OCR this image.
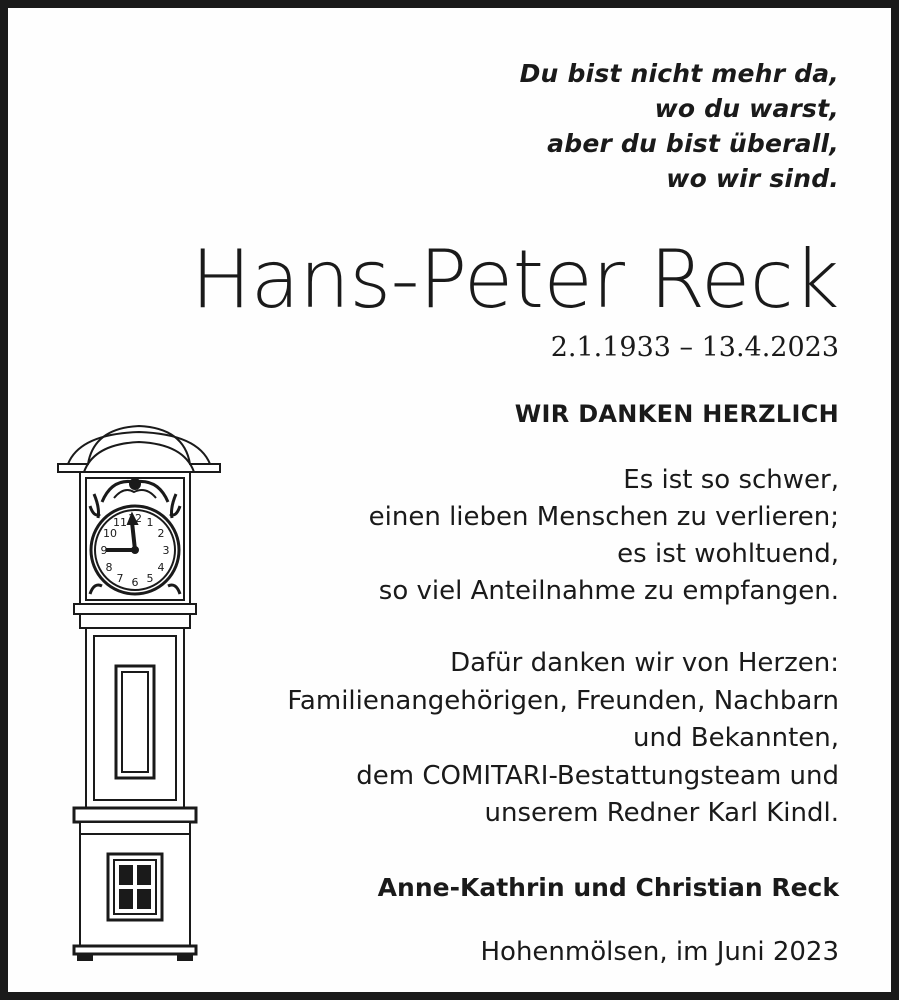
Du bist nicht mehr da,
wo du warst,
aber du bist überall,
wo wir sind.
Hans-Peter Reck
2.1.1933 – 13.4.2023
WIR DANKEN HERZLICH
Es ist so schwer,
einen lieben Menschen zu verlieren;
es ist wohltuend,
so viel Anteilnahme zu empfangen.
Dafür danken wir von Herzen:
Familienangehörigen, Freunden, Nachbarn
und Bekannten,
dem COMITARI-Bestattungsteam und
unserem Redner Karl Kindl.
Anne-Kathrin und Christian Reck
Hohenmölsen, im Juni 2023
12 1
2
3
4
5
6
7
8
9
10
11
